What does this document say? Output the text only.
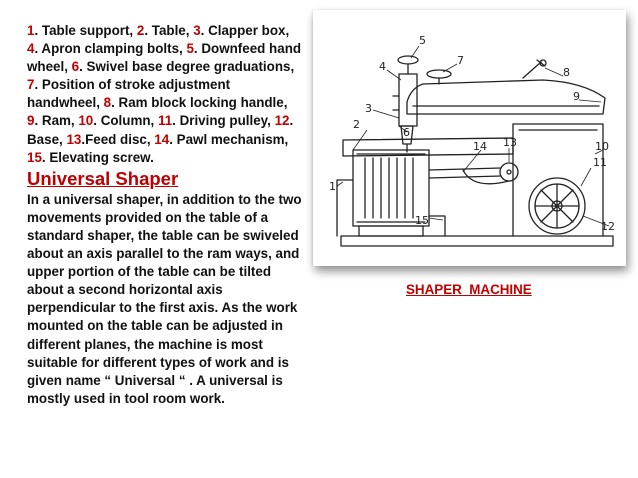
1. Table support, 2. Table, 3. Clapper box, 4. Apron clamping bolts, 5. Downfeed hand wheel, 6. Swivel base degree graduations, 7. Position of stroke adjustment handwheel, 8. Ram block locking handle, 9. Ram, 10. Column, 11. Driving pulley, 12. Base, 13.Feed disc, 14. Pawl mechanism, 15. Elevating screw.
Universal Shaper
In a universal shaper, in addition to the two movements provided on the table of a standard shaper, the table can be swiveled about an axis parallel to the ram ways, and upper portion of the table can be tilted about a second horizontal axis perpendicular to the first axis. As the work mounted on the table can be adjusted in different planes, the machine is most suitable for different types of work and is given name “ Universal “ . A universal is mostly used in tool room work.
1
2
3
4
5
6
7
8
9
10
11
12
13
14
15
SHAPER  MACHINE
